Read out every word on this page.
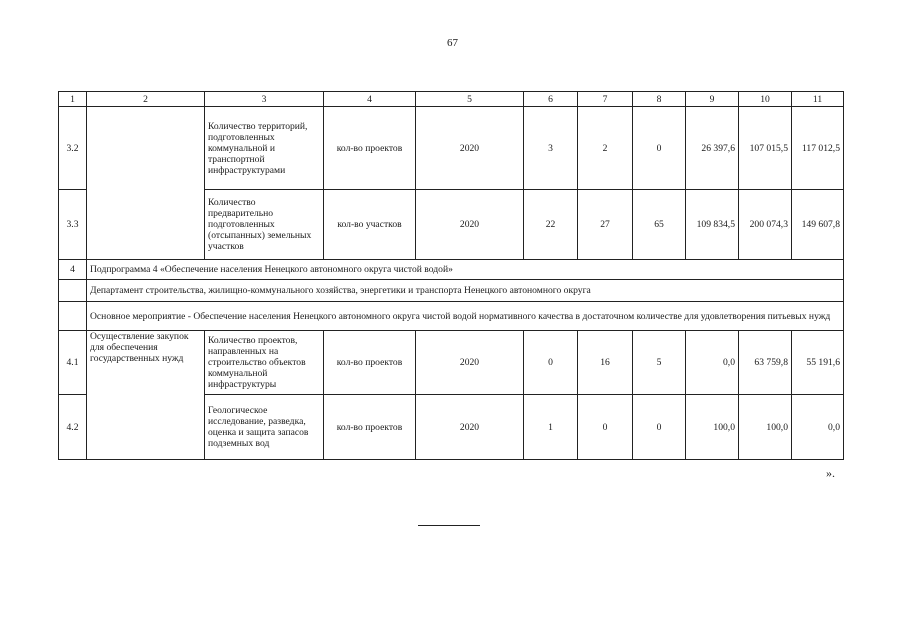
67
1	2	3	4	5	6	7	8	9	10	11
3.2		Количество территорий, подготовленных коммунальной и транспортной инфраструктурами	кол-во проектов	2020	3	2	0	26 397,6	107 015,5	117 012,5
3.3		Количество предварительно подготовленных (отсыпанных) земельных участков	кол-во участков	2020	22	27	65	109 834,5	200 074,3	149 607,8
4	Подпрограмма 4 «Обеспечение населения Ненецкого автономного округа чистой водой»									
	Департамент строительства, жилищно-коммунального хозяйства, энергетики и транспорта Ненецкого автономного округа									
	Основное мероприятие - Обеспечение населения Ненецкого автономного округа чистой водой нормативного качества в достаточном количестве для удовлетворения питьевых нужд									
4.1	Осуществление закупок для обеспечения государственных нужд	Количество проектов, направленных на строительство объектов коммунальной инфраструктуры	кол-во проектов	2020	0	16	5	0,0	63 759,8	55 191,6
4.2		Геологическое исследование, разведка, оценка и защита запасов подземных вод	кол-во проектов	2020	1	0	0	100,0	100,0	0,0
».
